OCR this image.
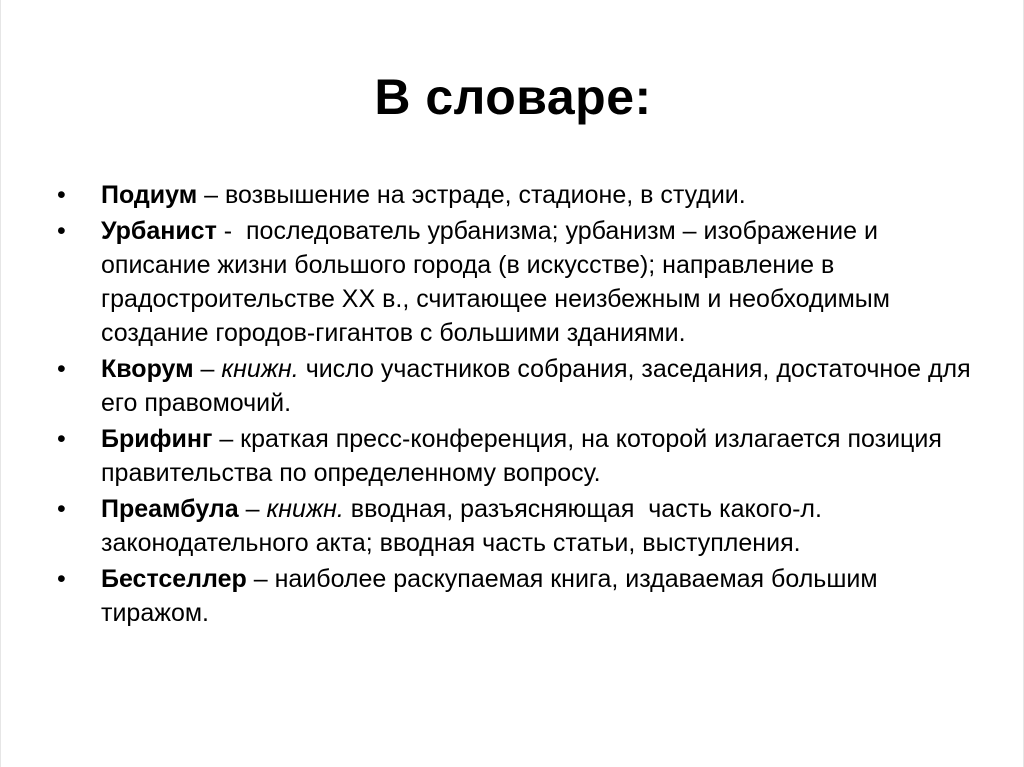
В словаре:
•	Подиум – возвышение на эстраде, стадионе, в студии.
•	Урбанист -  последователь урбанизма; урбанизм – изображение и описание жизни большого города (в искусстве); направление в градостроительстве XX в., считающее неизбежным и необходимым создание городов-гигантов с большими зданиями.
•	Кворум – книжн. число участников собрания, заседания, достаточное для его правомочий.
•	Брифинг – краткая пресс-конференция, на которой излагается позиция правительства по определенному вопросу.
•	Преамбула – книжн. вводная, разъясняющая  часть какого-л. законодательного акта; вводная часть статьи, выступления.
•	Бестселлер – наиболее раскупаемая книга, издаваемая большим тиражом.
